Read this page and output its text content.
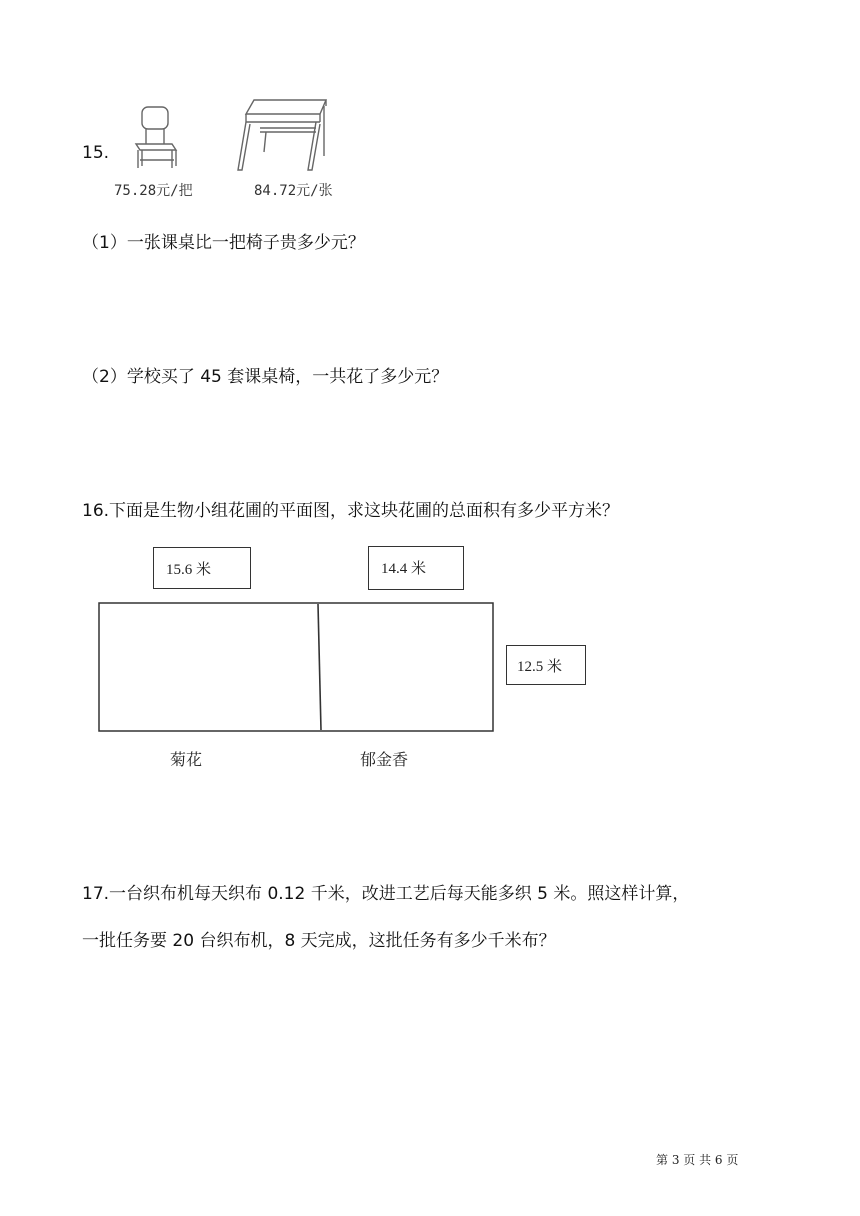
15.
75.28元/把	84.72元/张
（1）一张课桌比一把椅子贵多少元？
（2）学校买了 45 套课桌椅，一共花了多少元？
16.下面是生物小组花圃的平面图，求这块花圃的总面积有多少平方米？
15.6 米	14.4 米
12.5 米
菊花	郁金香
17.一台织布机每天织布 0.12 千米，改进工艺后每天能多织 5 米。照这样计算，
一批任务要 20 台织布机，8 天完成，这批任务有多少千米布？
第 3 页 共 6 页
